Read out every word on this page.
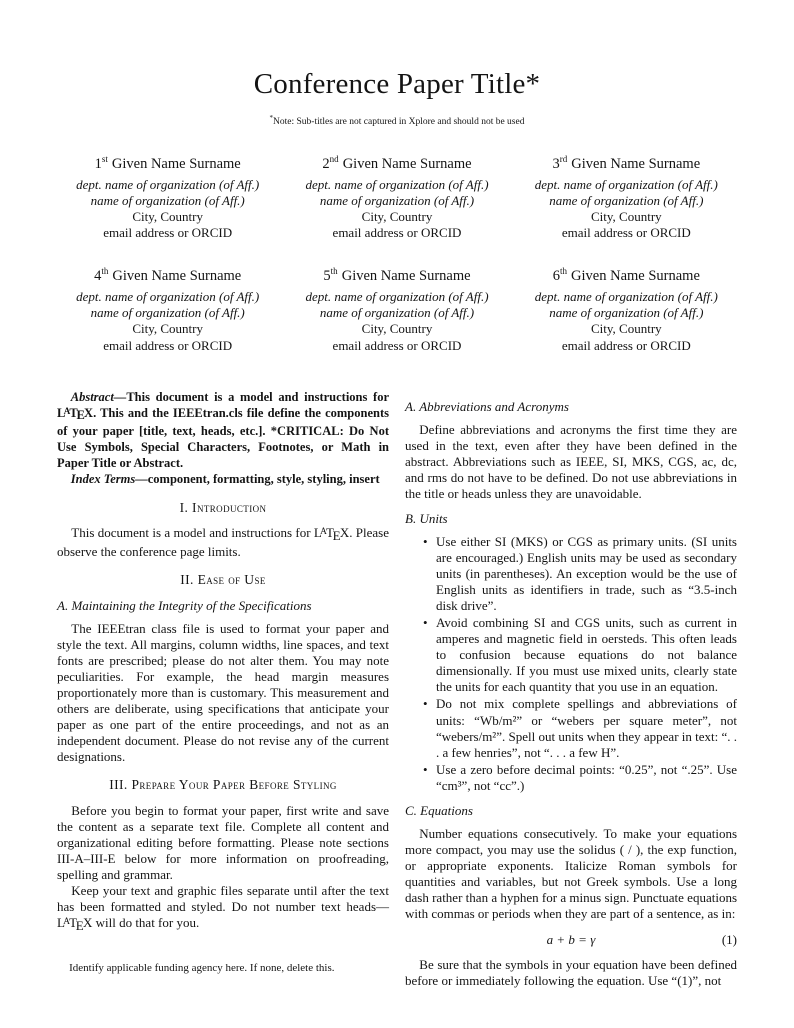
Conference Paper Title*
*Note: Sub-titles are not captured in Xplore and should not be used
1st Given Name Surname
dept. name of organization (of Aff.)
name of organization (of Aff.)
City, Country
email address or ORCID
2nd Given Name Surname
dept. name of organization (of Aff.)
name of organization (of Aff.)
City, Country
email address or ORCID
3rd Given Name Surname
dept. name of organization (of Aff.)
name of organization (of Aff.)
City, Country
email address or ORCID
4th Given Name Surname
dept. name of organization (of Aff.)
name of organization (of Aff.)
City, Country
email address or ORCID
5th Given Name Surname
dept. name of organization (of Aff.)
name of organization (of Aff.)
City, Country
email address or ORCID
6th Given Name Surname
dept. name of organization (of Aff.)
name of organization (of Aff.)
City, Country
email address or ORCID

Abstract—This document is a model and instructions for $L^ATEX$. This and the IEEEtran.cls file define the components of your paper [title, text, heads, etc.]. *CRITICAL: Do Not Use Symbols, Special Characters, Footnotes, or Math in Paper Title or Abstract.

Index Terms—component, formatting, style, styling, insert

I. Introduction

This document is a model and instructions for $L^ATEX$. Please observe the conference page limits.

II. Ease of Use
A. Maintaining the Integrity of the Specifications

The IEEEtran class file is used to format your paper and style the text. All margins, column widths, line spaces, and text fonts are prescribed; please do not alter them. You may note peculiarities. For example, the head margin measures proportionately more than is customary. This measurement and others are deliberate, using specifications that anticipate your paper as one part of the entire proceedings, and not as an independent document. Please do not revise any of the current designations.

III. Prepare Your Paper Before Styling

Before you begin to format your paper, first write and save the content as a separate text file. Complete all content and organizational editing before formatting. Please note sections III-A–III-E below for more information on proofreading, spelling and grammar.

Keep your text and graphic files separate until after the text has been formatted and styled. Do not number text $heads—L^ATEX$ will do that for you.

Identify applicable funding agency here. If none, delete this.

A. Abbreviations and Acronyms

Define abbreviations and acronyms the first time they are used in the text, even after they have been defined in the abstract. Abbreviations such as IEEE, SI, MKS, CGS, ac, dc, and rms do not have to be defined. Do not use abbreviations in the title or heads unless they are unavoidable.

B. Units
• Use either SI (MKS) or CGS as primary units. (SI units are encouraged.) English units may be used as secondary units (in parentheses). An exception would be the use of English units as identifiers in trade, such as “3.5-inch disk drive”.
• Avoid combining SI and CGS units, such as current in amperes and magnetic field in oersteds. This often leads to confusion because equations do not balance dimensionally. If you must use mixed units, clearly state the units for each quantity that you use in an equation.
• Do not mix complete spellings and abbreviations of units: “Wb/m²” or “webers per square meter”, not “webers/m²”. Spell out units when they appear in text: “. . . a few henries”, not “. . . a few H”.
• Use a zero before decimal points: “0.25”, not “.25”. Use “cm³”, not “cc”.)
C. Equations

Number equations consecutively. To make your equations more compact, you may use the solidus ( / ), the exp function, or appropriate exponents. Italicize Roman symbols for quantities and variables, but not Greek symbols. Use a long dash rather than a hyphen for a minus sign. Punctuate equations with commas or periods when they are part of a sentence, as in:

a + b = γ	(1)

Be sure that the symbols in your equation have been defined before or immediately following the equation. Use “(1)”, not
